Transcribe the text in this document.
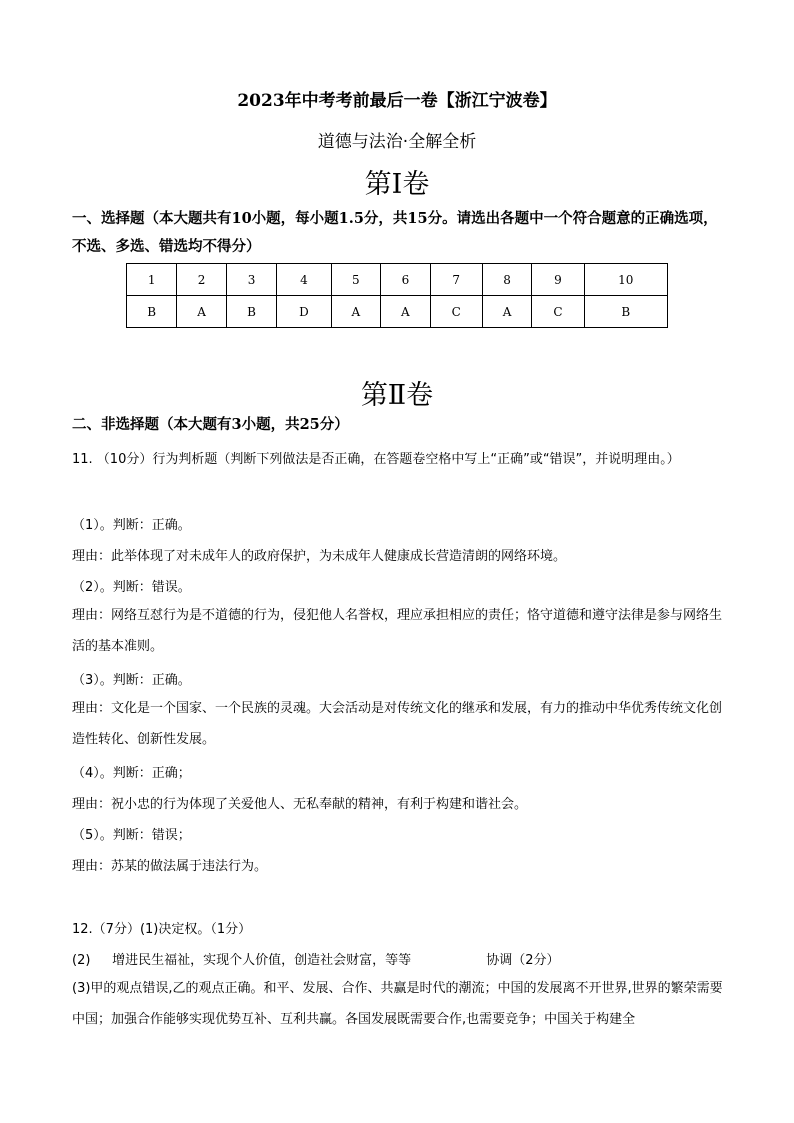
2023年中考考前最后一卷【浙江宁波卷】
道德与法治·全解全析
第Ⅰ卷
一、选择题（本大题共有10小题，每小题1.5分，共15分。请选出各题中一个符合题意的正确选项，不选、多选、错选均不得分）
1	2	3	4	5	6	7	8	9	10
B	A	B	D	A	A	C	A	C	B
第Ⅱ卷
二、非选择题（本大题有3小题，共25分）
11. （10分）行为判析题（判断下列做法是否正确，在答题卷空格中写上“正确”或“错误”，并说明理由。）
（1）。判断：正确。
理由：此举体现了对未成年人的政府保护，为未成年人健康成长营造清朗的网络环境。
（2）。判断：错误。
理由：网络互怼行为是不道德的行为，侵犯他人名誉权，理应承担相应的责任；恪守道德和遵守法律是参与网络生活的基本准则。
（3）。判断：正确。
理由：文化是一个国家、一个民族的灵魂。大会活动是对传统文化的继承和发展，有力的推动中华优秀传统文化创造性转化、创新性发展。
（4）。判断：正确；
理由：祝小忠的行为体现了关爱他人、无私奉献的精神，有利于构建和谐社会。
（5）。判断：错误；
理由：苏某的做法属于违法行为。
12.（7分）(1)决定权。（1分）
(2) 增进民生福祉，实现个人价值，创造社会财富，等等	协调（2分）
(3)甲的观点错误,乙的观点正确。和平、发展、合作、共赢是时代的潮流；中国的发展离不开世界,世界的繁荣需要中国；加强合作能够实现优势互补、互利共赢。各国发展既需要合作,也需要竞争；中国关于构建全
